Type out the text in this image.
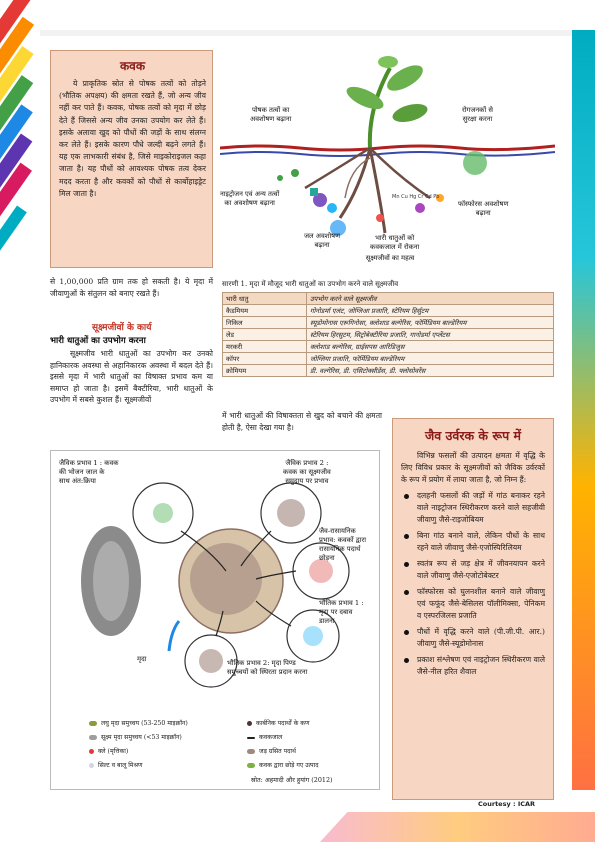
कवक

ये प्राकृतिक स्रोत से पोषक तत्वों को तोड़ने (भौतिक अपक्षय) की क्षमता रखते हैं, जो अन्य जीव नहीं कर पाते हैं। कवक, पोषक तत्वों को मृदा में छोड़ देते हैं जिससे अन्य जीव उनका उपयोग कर लेते हैं। इसके अलावा खुद को पौधों की जड़ों के साथ संलग्न कर लेते हैं। इसके कारण पौधे जल्दी बढ़ने लगते हैं। यह एक लाभकारी संबंध है, जिसे माइकोराइजल कहा जाता है। यह पौधों को आवश्यक पोषक तत्व देकर मदद करता है और कवकों को पौधों से कार्बोहाइड्रेट मिल जाता है।

से 1,00,000 प्रति ग्राम तक हो सकती है। ये मृदा में जीवाणुओं के संतुलन को बनाए रखते हैं।

सूक्ष्मजीवों के कार्य
भारी धातुओं का उपभोग करना

सूक्ष्मजीव भारी धातुओं का उपभोग कर उनको हानिकारक अवस्था से अहानिकारक अवस्था में बदल देते हैं। इससे मृदा में भारी धातुओं का विषाक्त प्रभाव कम या समाप्त हो जाता है। इसमें बैक्टीरिया, भारी धातुओं के उपभोग में सबसे कुशल हैं। सूक्ष्मजीवों

में भारी धातुओं की विषाक्तता से खुद को बचाने की क्षमता होती है, ऐसा देखा गया है।

Mn Cu Hg Cr Cd Pb
पोषक तत्वों का
अवशोषण बढ़ाना
रोगजनकों से
सुरक्षा करना
नाइट्रोजन एवं अन्य तत्वों
का अवशोषण बढ़ाना	फॉस्फोरस अवशोषण
बढ़ाना
जल अवशोषण
बढ़ाना
भारी धातुओं को
कवकजाल में रोकना
सूक्ष्मजीवों का महत्व
सारणी 1. मृदा में मौजूद भारी धातुओं का उपभोग करने वाले सूक्ष्मजीव
भारी धातु	उपभोग करने वाले सूक्ष्मजीव
कैडमियम	गोनोडर्मा एलंट, जोग्लिआ प्रजाति, स्टेरियम हिर्सुटम
निकिल	स्यूडोमोनास एरूगिनोसा, क्लोशाड बल्गेरिस, फोर्मिडियम बाल्डेरियम
लेड	स्टेरियम हिरसुटम, सिट्रोबेक्टीरिया प्रजाति, गानोडर्मा एप्लेंटस
मरकरी	क्लोशाड बल्गेरिस, ग्राईसपस आरिडिजुस
कॉपर	जोग्लिया प्रजाति, फोर्मिडियम बाल्डेरियम
क्रोमियम	डी. वल्गेरिस, डी. एसिटोक्सीडेंस, डी. फ्लोसोवरेंस
जैविक प्रभाव 1 : कवक
की भोजन जाल के
साथ अंत:क्रिया
जैविक प्रभाव 2 :
कवक का सूक्ष्मजीव
समुदाय पर प्रभाव
जैव-रासायनिक
प्रभाव: कवकों द्वारा
रासायनिक पदार्थ
छोड़ना
भौतिक प्रभाव 1 :
मृदा पर दबाव
डालना
भौतिक प्रभाव 2: मृदा पिण्ड
समुच्चयों को स्थिरता प्रदान करना
मृदा
लघु मृदा समुच्चय (53-250 माइक्रॉन)	कार्बनिक पदार्थों के कण
सूक्ष्म मृदा समुच्चय (<53 माइक्रॉन)	कवकजाल
क्ले (मृत्तिका)	जड़ ग्रसित पदार्थ
सिल्ट व बालू मिश्रण	कवक द्वारा छोड़े गए उत्पाद
स्रोत: अहमादी और हुयांग (2012)
जैव उर्वरक के रूप में

विभिन्न फसलों की उत्पादन क्षमता में वृद्धि के लिए विविध प्रकार के सूक्ष्मजीवों को जैविक उर्वरकों के रूप में प्रयोग में लाया जाता है, जो निम्न हैं:

दलहनी फसलों की जड़ों में गांठ बनाकर रहने वाले नाइट्रोजन स्थिरीकरण करने वाले सहजीवी जीवाणु जैसे-राइजोबियम
बिना गांठ बनाने वाले, लेकिन पौधों के साथ रहने वाले जीवाणु जैसे-एजोस्पिरिलियम
स्वतंत्र रूप से जड़ क्षेत्र में जीवनयापन करने वाले जीवाणु जैसे-एजोटोबेक्टर
फॉस्फोरस को घुलनशील बनाने वाले जीवाणु एवं फफूंद जैसे-बेसिलस पॉलीमिक्सा, पेनिकम व एस्परजिलस प्रजाति
पौधों में वृद्धि करने वाले (पी.जी.पी. आर.) जीवाणु जैसे-स्यूडोमोनास
प्रकाश संश्लेषण एवं नाइट्रोजन स्थिरीकरण वाले जैसे-नील हरित शैवाल
Courtesy : ICAR
